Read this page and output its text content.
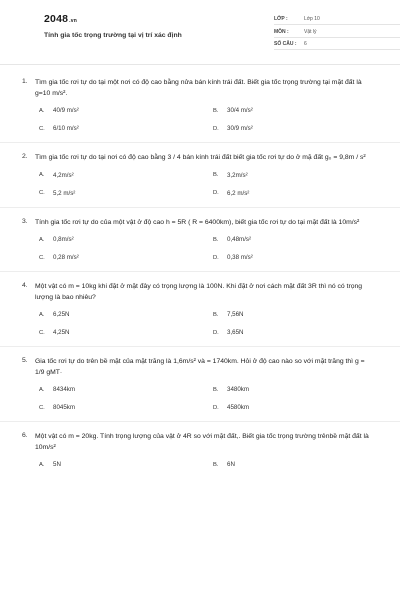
2048.vn
Tính gia tốc trọng trường tại vị trí xác định
LỚP :	Lớp 10
MÔN :	Vật lý
SỐ CÂU :	6
1.	Tìm gia tốc rơi tự do tại một nơi có độ cao bằng nửa bán kính trái đất. Biết gia tốc trọng trường tại mặt đất là g=10 m/s².
A.	40/9 m/s²	B.	30/4 m/s²
C.	6/10 m/s²	D.	30/9 m/s²
2.	Tìm gia tốc rơi tự do tại nơi có độ cao bằng 3 / 4 bán kính trái đất biết gia tốc rơi tự do ở mặ đất g₀ = 9,8m / s²
A.	4,2m/s²	B.	3,2m/s²
C.	5,2 m/s²	D.	6,2 m/s²
3.	Tính gia tốc rơi tự do của một vật ở độ cao h = 5R ( R = 6400km), biết gia tốc rơi tự do tại mặt đất là 10m/s²
A.	0,8m/s²	B.	0,48m/s²
C.	0,28 m/s²	D.	0,38 m/s²
4.	Một vật có m = 10kg khi đặt ở mặt đây có trọng lượng là 100N. Khi đặt ở nơi cách mặt đất 3R thì nó có trọng lượng là bao nhiêu?
A.	6,25N	B.	7,56N
C.	4,25N	D.	3,65N
5.	Gia tốc rơi tự do trên bề mặt của mặt trăng là 1,6m/s² và = 1740km. Hỏi ở độ cao nào so với mặt trăng thì g = 1/9 gMT·
A.	8434km	B.	3480km
C.	8045km	D.	4580km
6.	Một vật có m = 20kg. Tính trọng lượng của vật ở 4R so với mặt đất,. Biết gia tốc trọng trường trênbề mặt đất là 10m/s²
A.	5N	B.	6N
